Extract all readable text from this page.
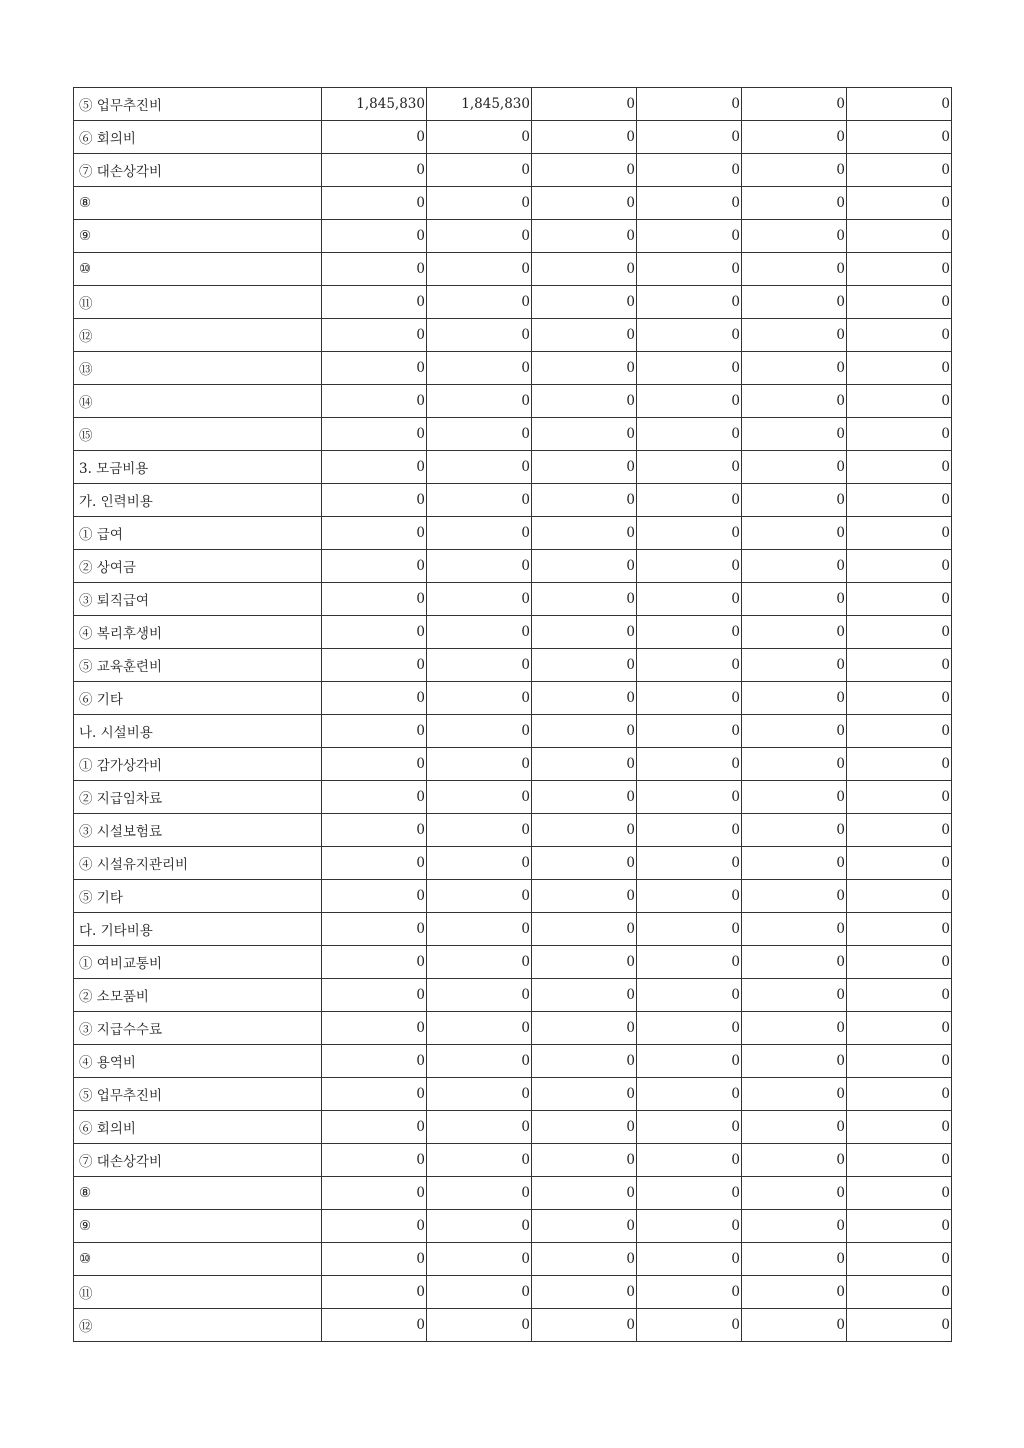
⑤ 업무추진비	1,845,830	1,845,830	0	0	0	0
⑥ 회의비	0	0	0	0	0	0
⑦ 대손상각비	0	0	0	0	0	0
⑧	0	0	0	0	0	0
⑨	0	0	0	0	0	0
⑩	0	0	0	0	0	0
⑪	0	0	0	0	0	0
⑫	0	0	0	0	0	0
⑬	0	0	0	0	0	0
⑭	0	0	0	0	0	0
⑮	0	0	0	0	0	0
3. 모금비용	0	0	0	0	0	0
가. 인력비용	0	0	0	0	0	0
① 급여	0	0	0	0	0	0
② 상여금	0	0	0	0	0	0
③ 퇴직급여	0	0	0	0	0	0
④ 복리후생비	0	0	0	0	0	0
⑤ 교육훈련비	0	0	0	0	0	0
⑥ 기타	0	0	0	0	0	0
나. 시설비용	0	0	0	0	0	0
① 감가상각비	0	0	0	0	0	0
② 지급임차료	0	0	0	0	0	0
③ 시설보험료	0	0	0	0	0	0
④ 시설유지관리비	0	0	0	0	0	0
⑤ 기타	0	0	0	0	0	0
다. 기타비용	0	0	0	0	0	0
① 여비교통비	0	0	0	0	0	0
② 소모품비	0	0	0	0	0	0
③ 지급수수료	0	0	0	0	0	0
④ 용역비	0	0	0	0	0	0
⑤ 업무추진비	0	0	0	0	0	0
⑥ 회의비	0	0	0	0	0	0
⑦ 대손상각비	0	0	0	0	0	0
⑧	0	0	0	0	0	0
⑨	0	0	0	0	0	0
⑩	0	0	0	0	0	0
⑪	0	0	0	0	0	0
⑫	0	0	0	0	0	0
